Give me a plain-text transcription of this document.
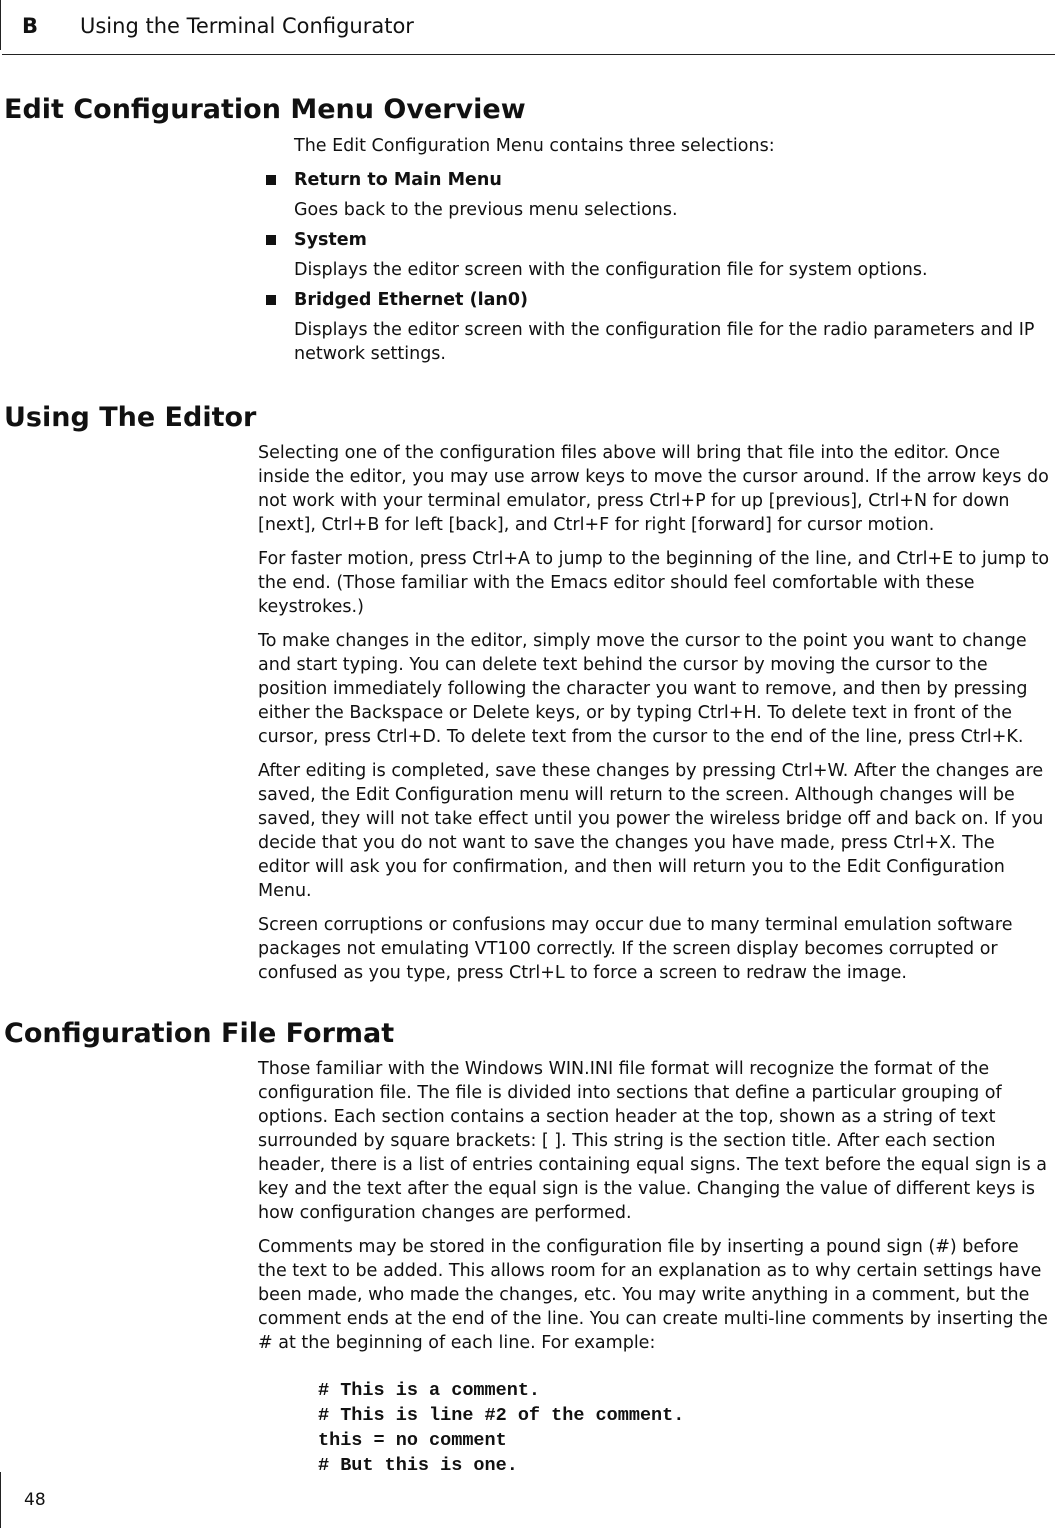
B Using the Terminal Configurator
Edit Configuration Menu Overview

The Edit Configuration Menu contains three selections:

Return to Main Menu
Goes back to the previous menu selections.
System
Displays the editor screen with the configuration file for system options.
Bridged Ethernet (lan0)
Displays the editor screen with the configuration file for the radio parameters and IP network settings.
Using The Editor

Selecting one of the configuration files above will bring that file into the editor. Once inside the editor, you may use arrow keys to move the cursor around. If the arrow keys do not work with your terminal emulator, press Ctrl+P for up [previous], Ctrl+N for down [next], Ctrl+B for left [back], and Ctrl+F for right [forward] for cursor motion.

For faster motion, press Ctrl+A to jump to the beginning of the line, and Ctrl+E to jump to the end. (Those familiar with the Emacs editor should feel comfortable with these keystrokes.)

To make changes in the editor, simply move the cursor to the point you want to change and start typing. You can delete text behind the cursor by moving the cursor to the position immediately following the character you want to remove, and then by pressing either the Backspace or Delete keys, or by typing Ctrl+H. To delete text in front of the cursor, press Ctrl+D. To delete text from the cursor to the end of the line, press Ctrl+K.

After editing is completed, save these changes by pressing Ctrl+W. After the changes are saved, the Edit Configuration menu will return to the screen. Although changes will be saved, they will not take effect until you power the wireless bridge off and back on. If you decide that you do not want to save the changes you have made, press Ctrl+X. The editor will ask you for confirmation, and then will return you to the Edit Configuration Menu.

Screen corruptions or confusions may occur due to many terminal emulation software packages not emulating VT100 correctly. If the screen display becomes corrupted or confused as you type, press Ctrl+L to force a screen to redraw the image.

Configuration File Format

Those familiar with the Windows WIN.INI file format will recognize the format of the configuration file. The file is divided into sections that define a particular grouping of options. Each section contains a section header at the top, shown as a string of text surrounded by square brackets: [ ]. This string is the section title. After each section header, there is a list of entries containing equal signs. The text before the equal sign is a key and the text after the equal sign is the value. Changing the value of different keys is how configuration changes are performed.

Comments may be stored in the configuration file by inserting a pound sign (#) before the text to be added. This allows room for an explanation as to why certain settings have been made, who made the changes, etc. You may write anything in a comment, but the comment ends at the end of the line. You can create multi-line comments by inserting the # at the beginning of each line. For example:

# This is a comment.
# This is line #2 of the comment.
this = no comment
# But this is one.
48
